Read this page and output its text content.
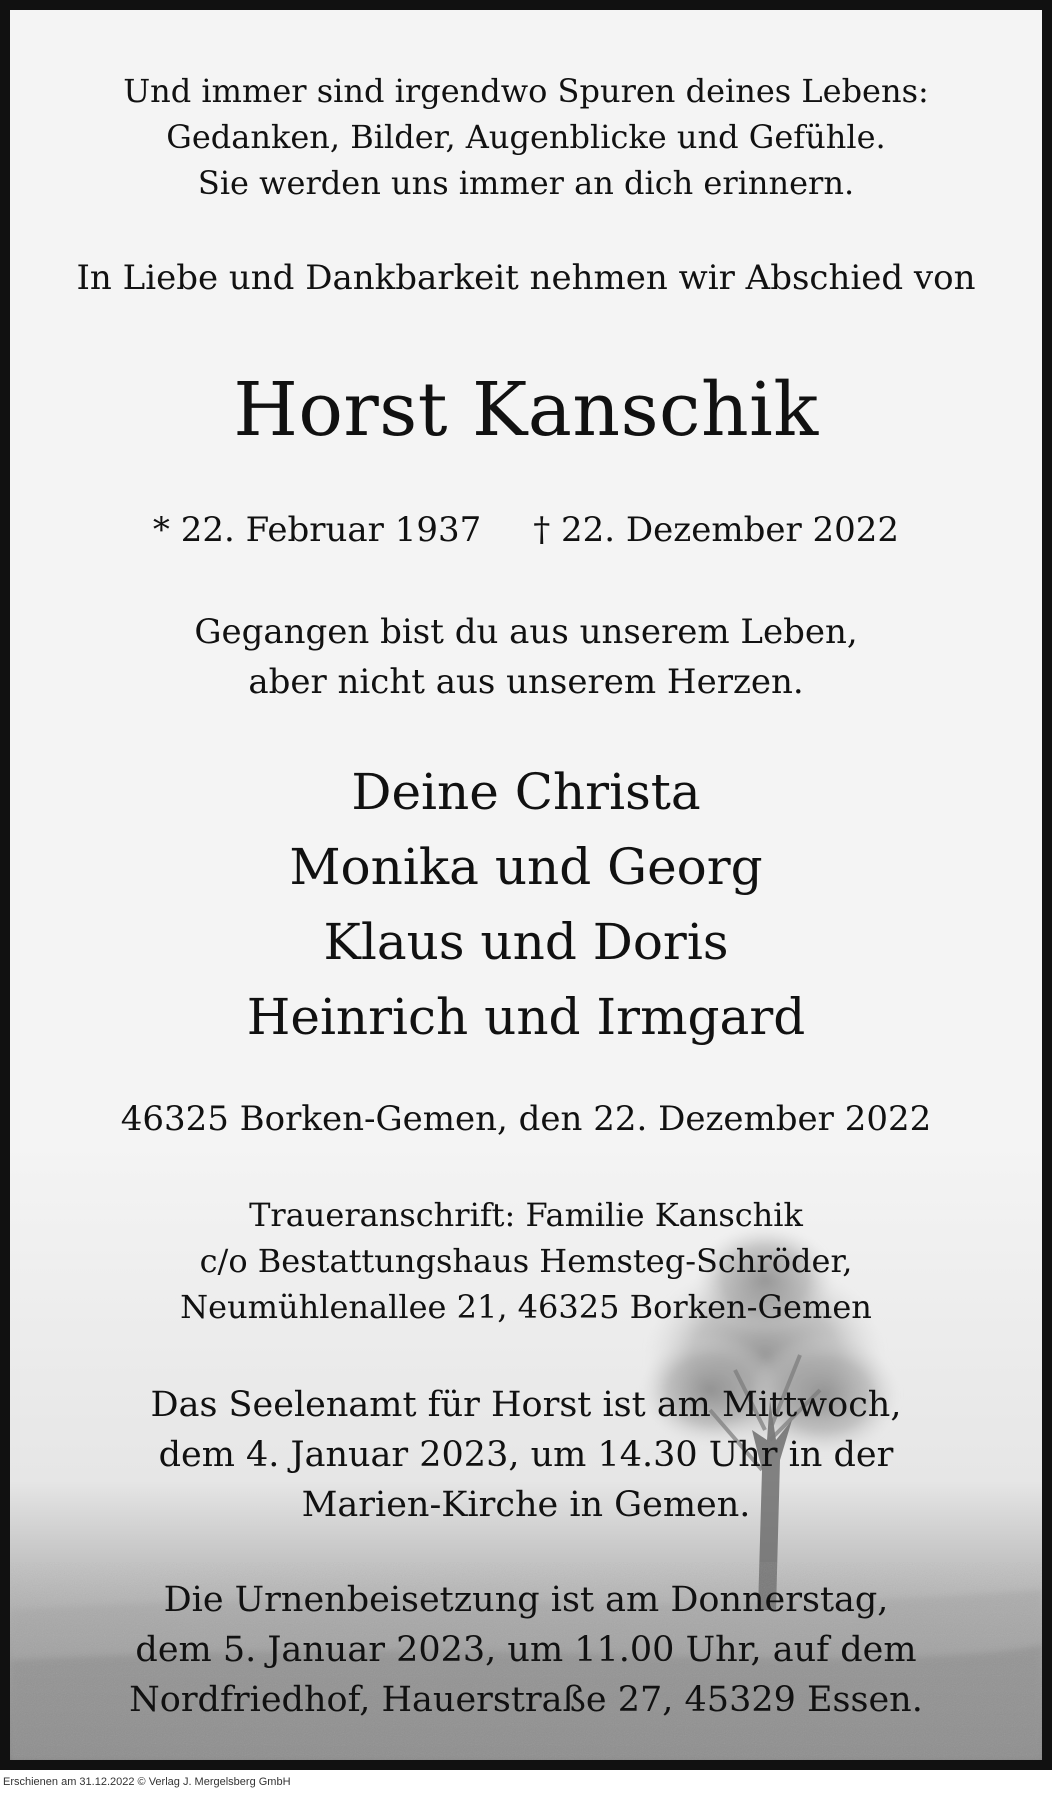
Und immer sind irgendwo Spuren deines Lebens:
Gedanken, Bilder, Augenblicke und Gefühle.
Sie werden uns immer an dich erinnern.
In Liebe und Dankbarkeit nehmen wir Abschied von
Horst Kanschik
* 22. Februar 1937 † 22. Dezember 2022
Gegangen bist du aus unserem Leben,
aber nicht aus unserem Herzen.
Deine Christa
Monika und Georg
Klaus und Doris
Heinrich und Irmgard
46325 Borken-Gemen, den 22. Dezember 2022
Traueranschrift: Familie Kanschik
c/o Bestattungshaus Hemsteg-Schröder,
Neumühlenallee 21, 46325 Borken-Gemen
Das Seelenamt für Horst ist am Mittwoch,
dem 4. Januar 2023, um 14.30 Uhr in der
Marien-Kirche in Gemen.
Die Urnenbeisetzung ist am Donnerstag,
dem 5. Januar 2023, um 11.00 Uhr, auf dem
Nordfriedhof, Hauerstraße 27, 45329 Essen.
Erschienen am 31.12.2022 © Verlag J. Mergelsberg GmbH
